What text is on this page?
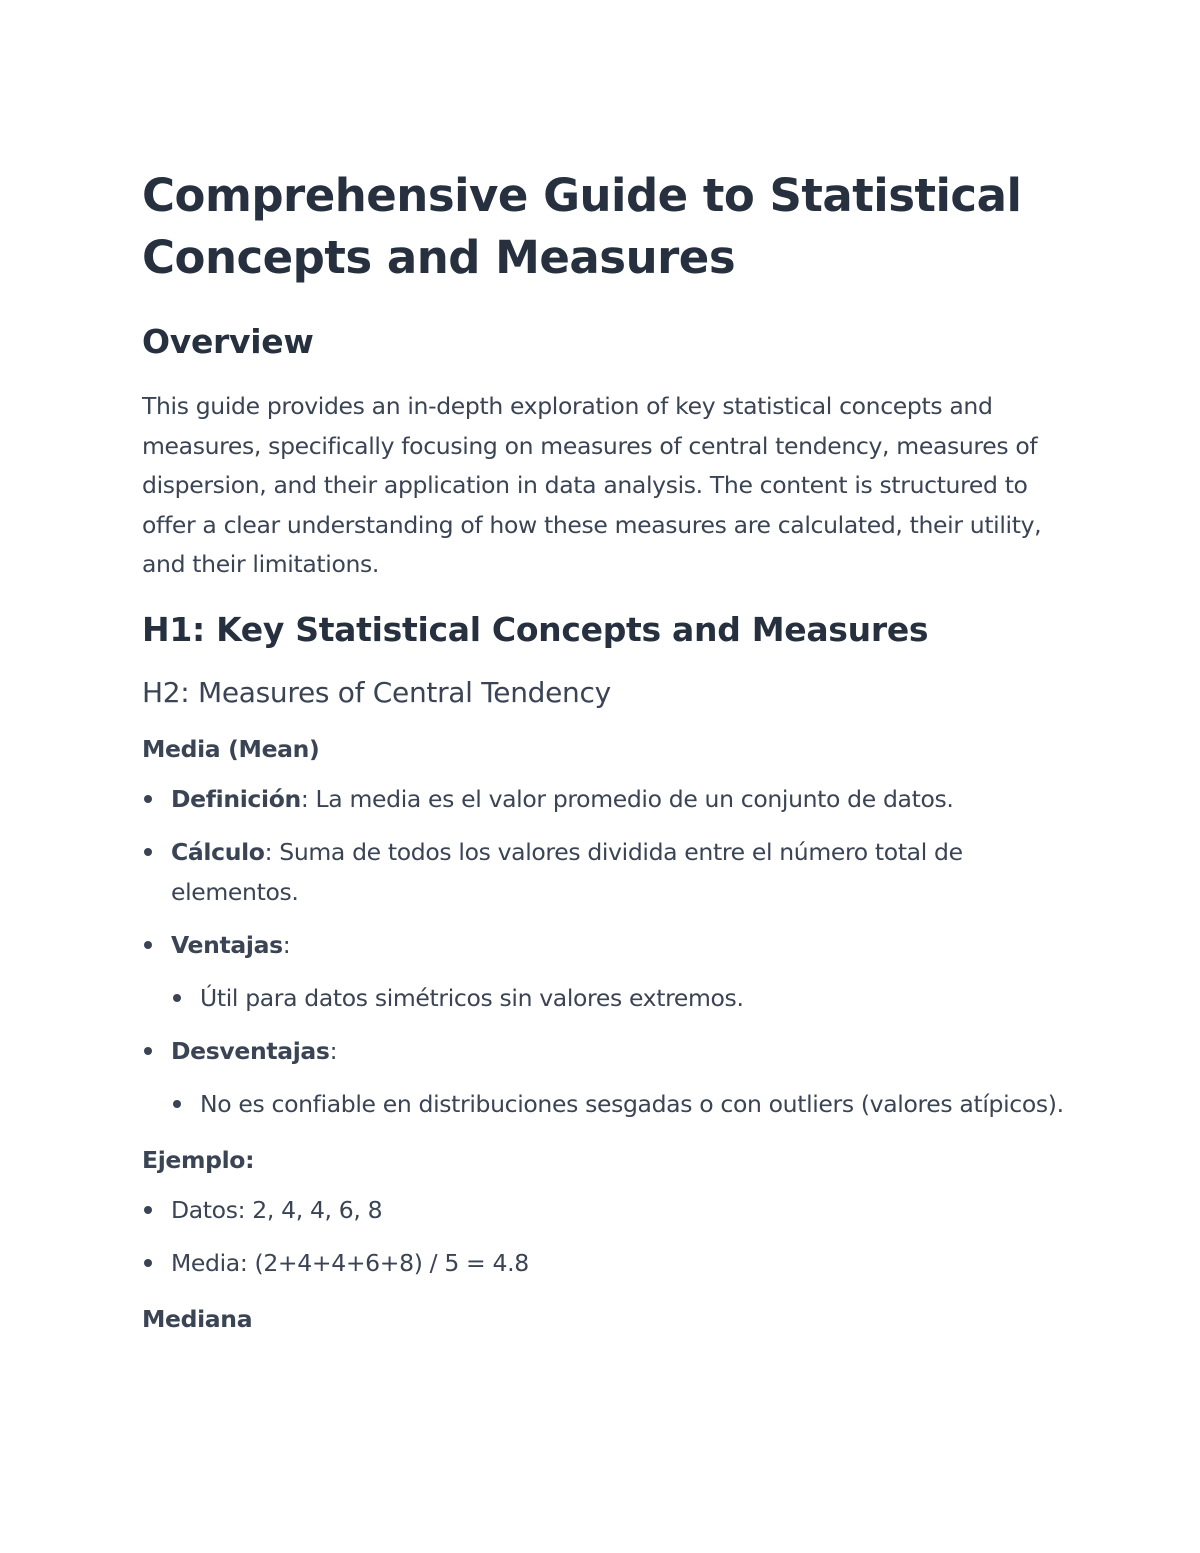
Comprehensive Guide to Statistical Concepts and Measures
Overview

This guide provides an in-depth exploration of key statistical concepts and measures, specifically focusing on measures of central tendency, measures of dispersion, and their application in data analysis. The content is structured to offer a clear understanding of how these measures are calculated, their utility, and their limitations.

H1: Key Statistical Concepts and Measures
H2: Measures of Central Tendency
Media (Mean)
Definición: La media es el valor promedio de un conjunto de datos.
Cálculo: Suma de todos los valores dividida entre el número total de elementos.
Ventajas:
Útil para datos simétricos sin valores extremos.
Desventajas:
No es confiable en distribuciones sesgadas o con outliers (valores atípicos).
Ejemplo:
Datos: 2, 4, 4, 6, 8
Media: (2+4+4+6+8) / 5 = 4.8
Mediana
